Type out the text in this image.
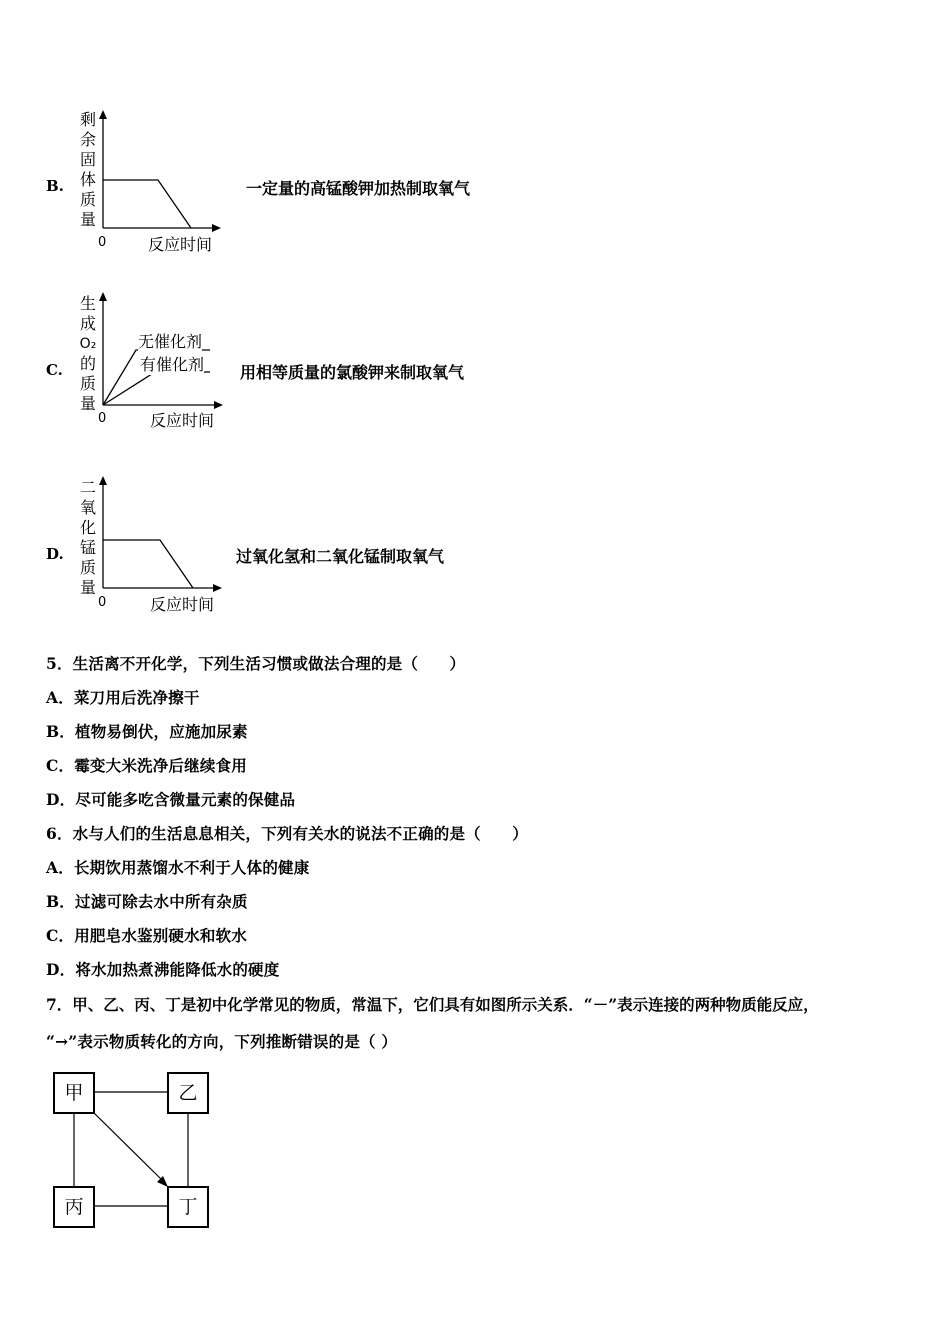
B.
剩
余
固
体
质
量
0	反应时间
一定量的高锰酸钾加热制取氧气
C.
生
成
O₂
的
质
量
无催化剂
有催化剂
0	反应时间
用相等质量的氯酸钾来制取氧气
D.
二
氧
化
锰
质
量
0	反应时间
过氧化氢和二氧化锰制取氧气
5．生活离不开化学，下列生活习惯或做法合理的是（　　）
A．菜刀用后洗净擦干
B．植物易倒伏，应施加尿素
C．霉变大米洗净后继续食用
D．尽可能多吃含微量元素的保健品
6．水与人们的生活息息相关，下列有关水的说法不正确的是（　　）
A．长期饮用蒸馏水不利于人体的健康
B．过滤可除去水中所有杂质
C．用肥皂水鉴别硬水和软水
D．将水加热煮沸能降低水的硬度
7．甲、乙、丙、丁是初中化学常见的物质，常温下，它们具有如图所示关系．“－”表示连接的两种物质能反应，
“→”表示物质转化的方向，下列推断错误的是（ ）
甲	乙
丙	丁
